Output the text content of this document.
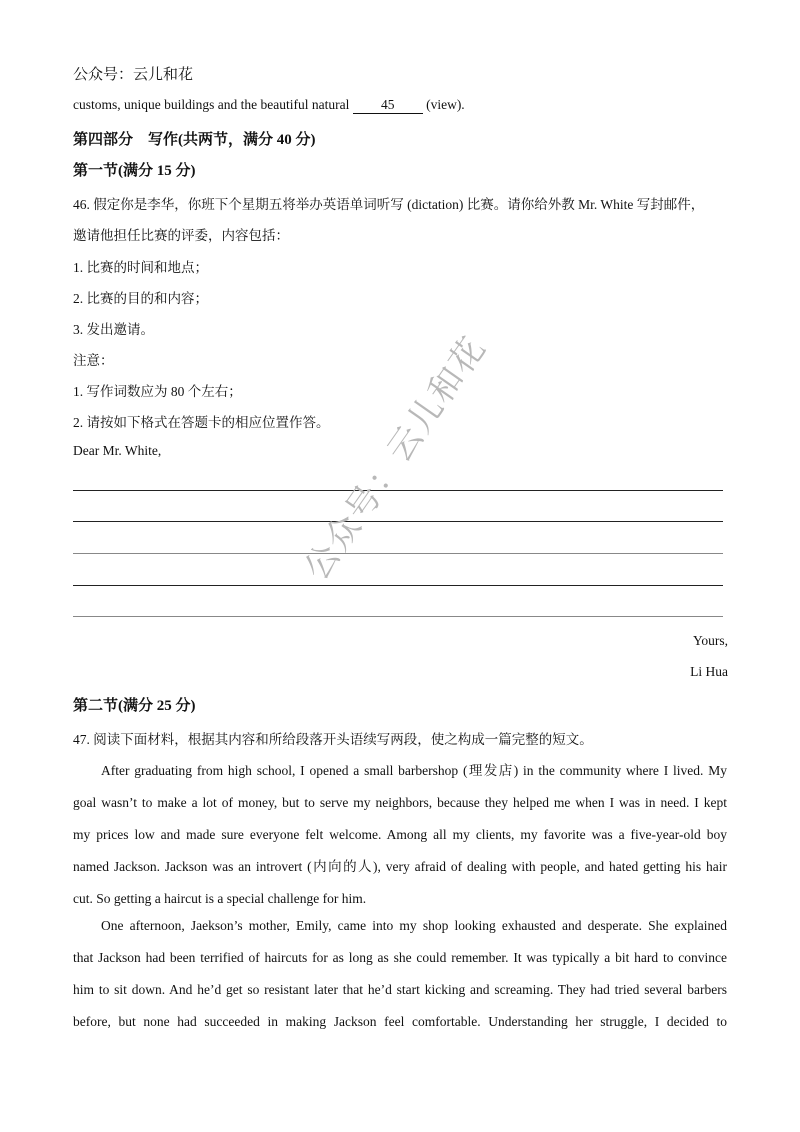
公众号：云儿和花
customs, unique buildings and the beautiful natural 45 (view).
第四部分　写作(共两节，满分 40 分)
第一节(满分 15 分)
46. 假定你是李华，你班下个星期五将举办英语单词听写 (dictation) 比赛。请你给外教 Mr. White 写封邮件，
邀请他担任比赛的评委，内容包括：
1. 比赛的时间和地点；
2. 比赛的目的和内容；
3. 发出邀请。
注意：
1. 写作词数应为 80 个左右；
2. 请按如下格式在答题卡的相应位置作答。
Dear Mr. White,	公众号：云儿和花
Yours,
Li Hua
第二节(满分 25 分)
47. 阅读下面材料，根据其内容和所给段落开头语续写两段，使之构成一篇完整的短文。
After graduating from high school, I opened a small barbershop (理发店) in the community where I lived. My
goal wasn’t to make a lot of money, but to serve my neighbors, because they helped me when I was in need. I kept
my prices low and made sure everyone felt welcome. Among all my clients, my favorite was a five-year-old boy
named Jackson. Jackson was an introvert (内向的人), very afraid of dealing with people, and hated getting his hair
cut. So getting a haircut is a special challenge for him.
One afternoon, Jaekson’s mother, Emily, came into my shop looking exhausted and desperate. She explained
that Jackson had been terrified of haircuts for as long as she could remember. It was typically a bit hard to convince
him to sit down. And he’d get so resistant later that he’d start kicking and screaming. They had tried several barbers
before, but none had succeeded in making Jackson feel comfortable. Understanding her struggle, I decided to
